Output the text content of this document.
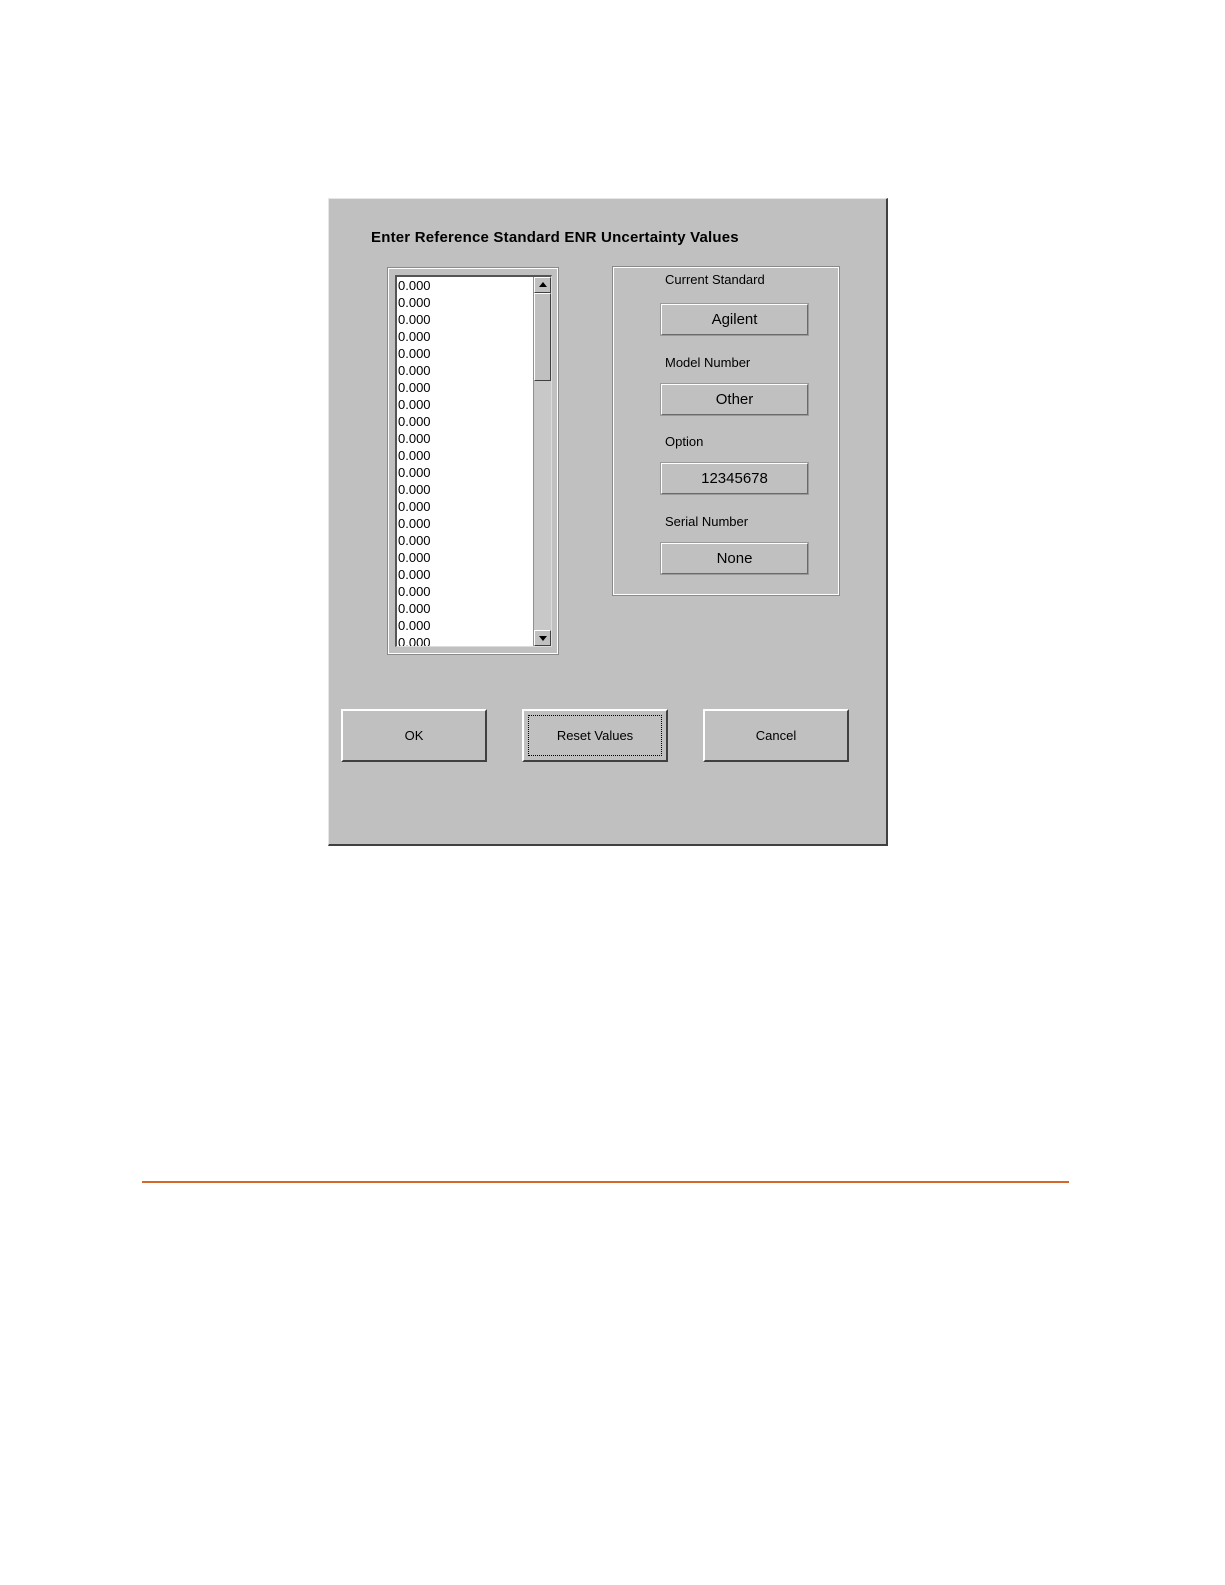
Enter Reference Standard ENR Uncertainty Values
0.000
0.000
0.000
0.000
0.000
0.000
0.000
0.000
0.000
0.000
0.000
0.000
0.000
0.000
0.000
0.000
0.000
0.000
0.000
0.000
0.000
0.000
Current Standard
Agilent
Model Number
Other
Option
12345678
Serial Number
None
OK	Reset Values	Cancel
